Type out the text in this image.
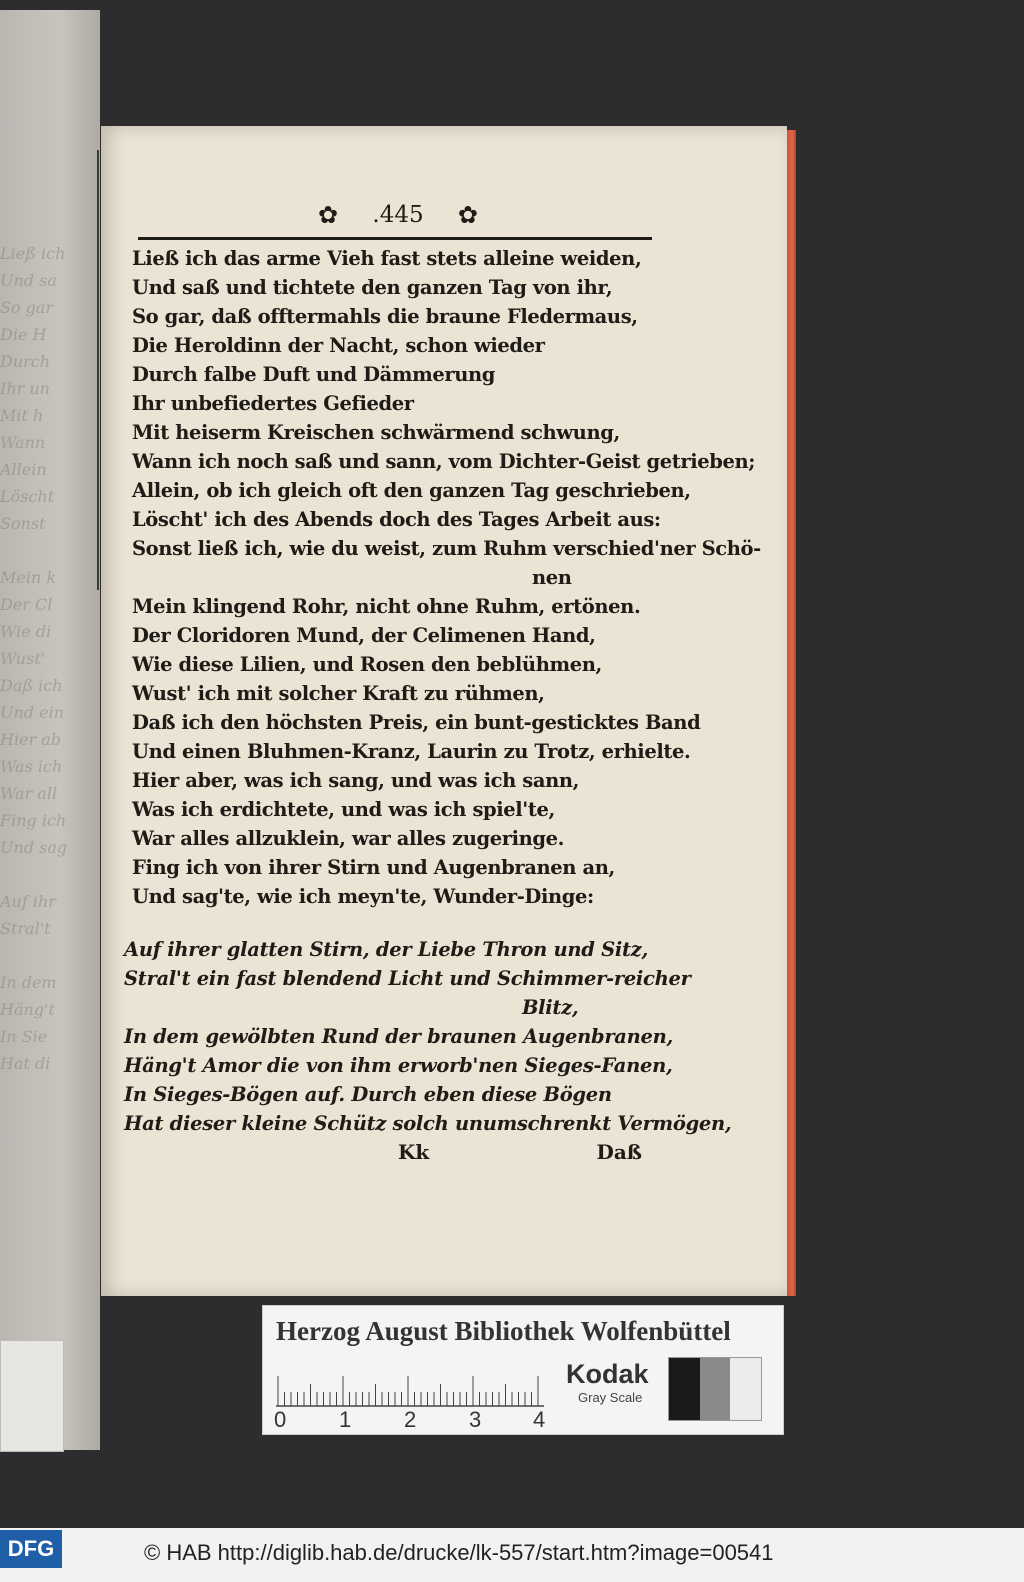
Ließ ich
Und sa
So gar
Die H
Durch
Ihr un
Mit h
Wann
Allein
Löscht
Sonst

Mein k
Der Cl
Wie di
Wust'
Daß ich
Und ein
Hier ab
Was ich
War all
Fing ich
Und sag

Auf ihr
Stral't

In dem
Häng't
In Sie
Hat di
✿ .445 ✿
Ließ ich das arme Vieh fast stets alleine weiden,
Und saß und tichtete den ganzen Tag von ihr,
So gar, daß offtermahls die braune Fledermaus,
Die Heroldinn der Nacht, schon wieder
Durch falbe Duft und Dämmerung
Ihr unbefiedertes Gefieder
Mit heiserm Kreischen schwärmend schwung,
Wann ich noch saß und sann, vom Dichter-Geist getrieben;
Allein, ob ich gleich oft den ganzen Tag geschrieben,
Löscht' ich des Abends doch des Tages Arbeit aus:
Sonst ließ ich, wie du weist, zum Ruhm verschied'ner Schö-
nen
Mein klingend Rohr, nicht ohne Ruhm, ertönen.
Der Cloridoren Mund, der Celimenen Hand,
Wie diese Lilien, und Rosen den beblühmen,
Wust' ich mit solcher Kraft zu rühmen,
Daß ich den höchsten Preis, ein bunt-gesticktes Band
Und einen Bluhmen-Kranz, Laurin zu Trotz, erhielte.
Hier aber, was ich sang, und was ich sann,
Was ich erdichtete, und was ich spiel'te,
War alles allzuklein, war alles zugeringe.
Fing ich von ihrer Stirn und Augenbranen an,
Und sag'te, wie ich meyn'te, Wunder-Dinge:
Auf ihrer glatten Stirn, der Liebe Thron und Sitz,
Stral't ein fast blendend Licht und Schimmer-reicher
Blitz,
In dem gewölbten Rund der braunen Augenbranen,
Häng't Amor die von ihm erworb'nen Sieges-Fanen,
In Sieges-Bögen auf. Durch eben diese Bögen
Hat dieser kleine Schütz solch unumschrenkt Vermögen,
Kk	Daß
Herzog August Bibliothek Wolfenbüttel
0 1 2 3 4
Kodak
Gray Scale
DFG	© HAB http://diglib.hab.de/drucke/lk-557/start.htm?image=00541
